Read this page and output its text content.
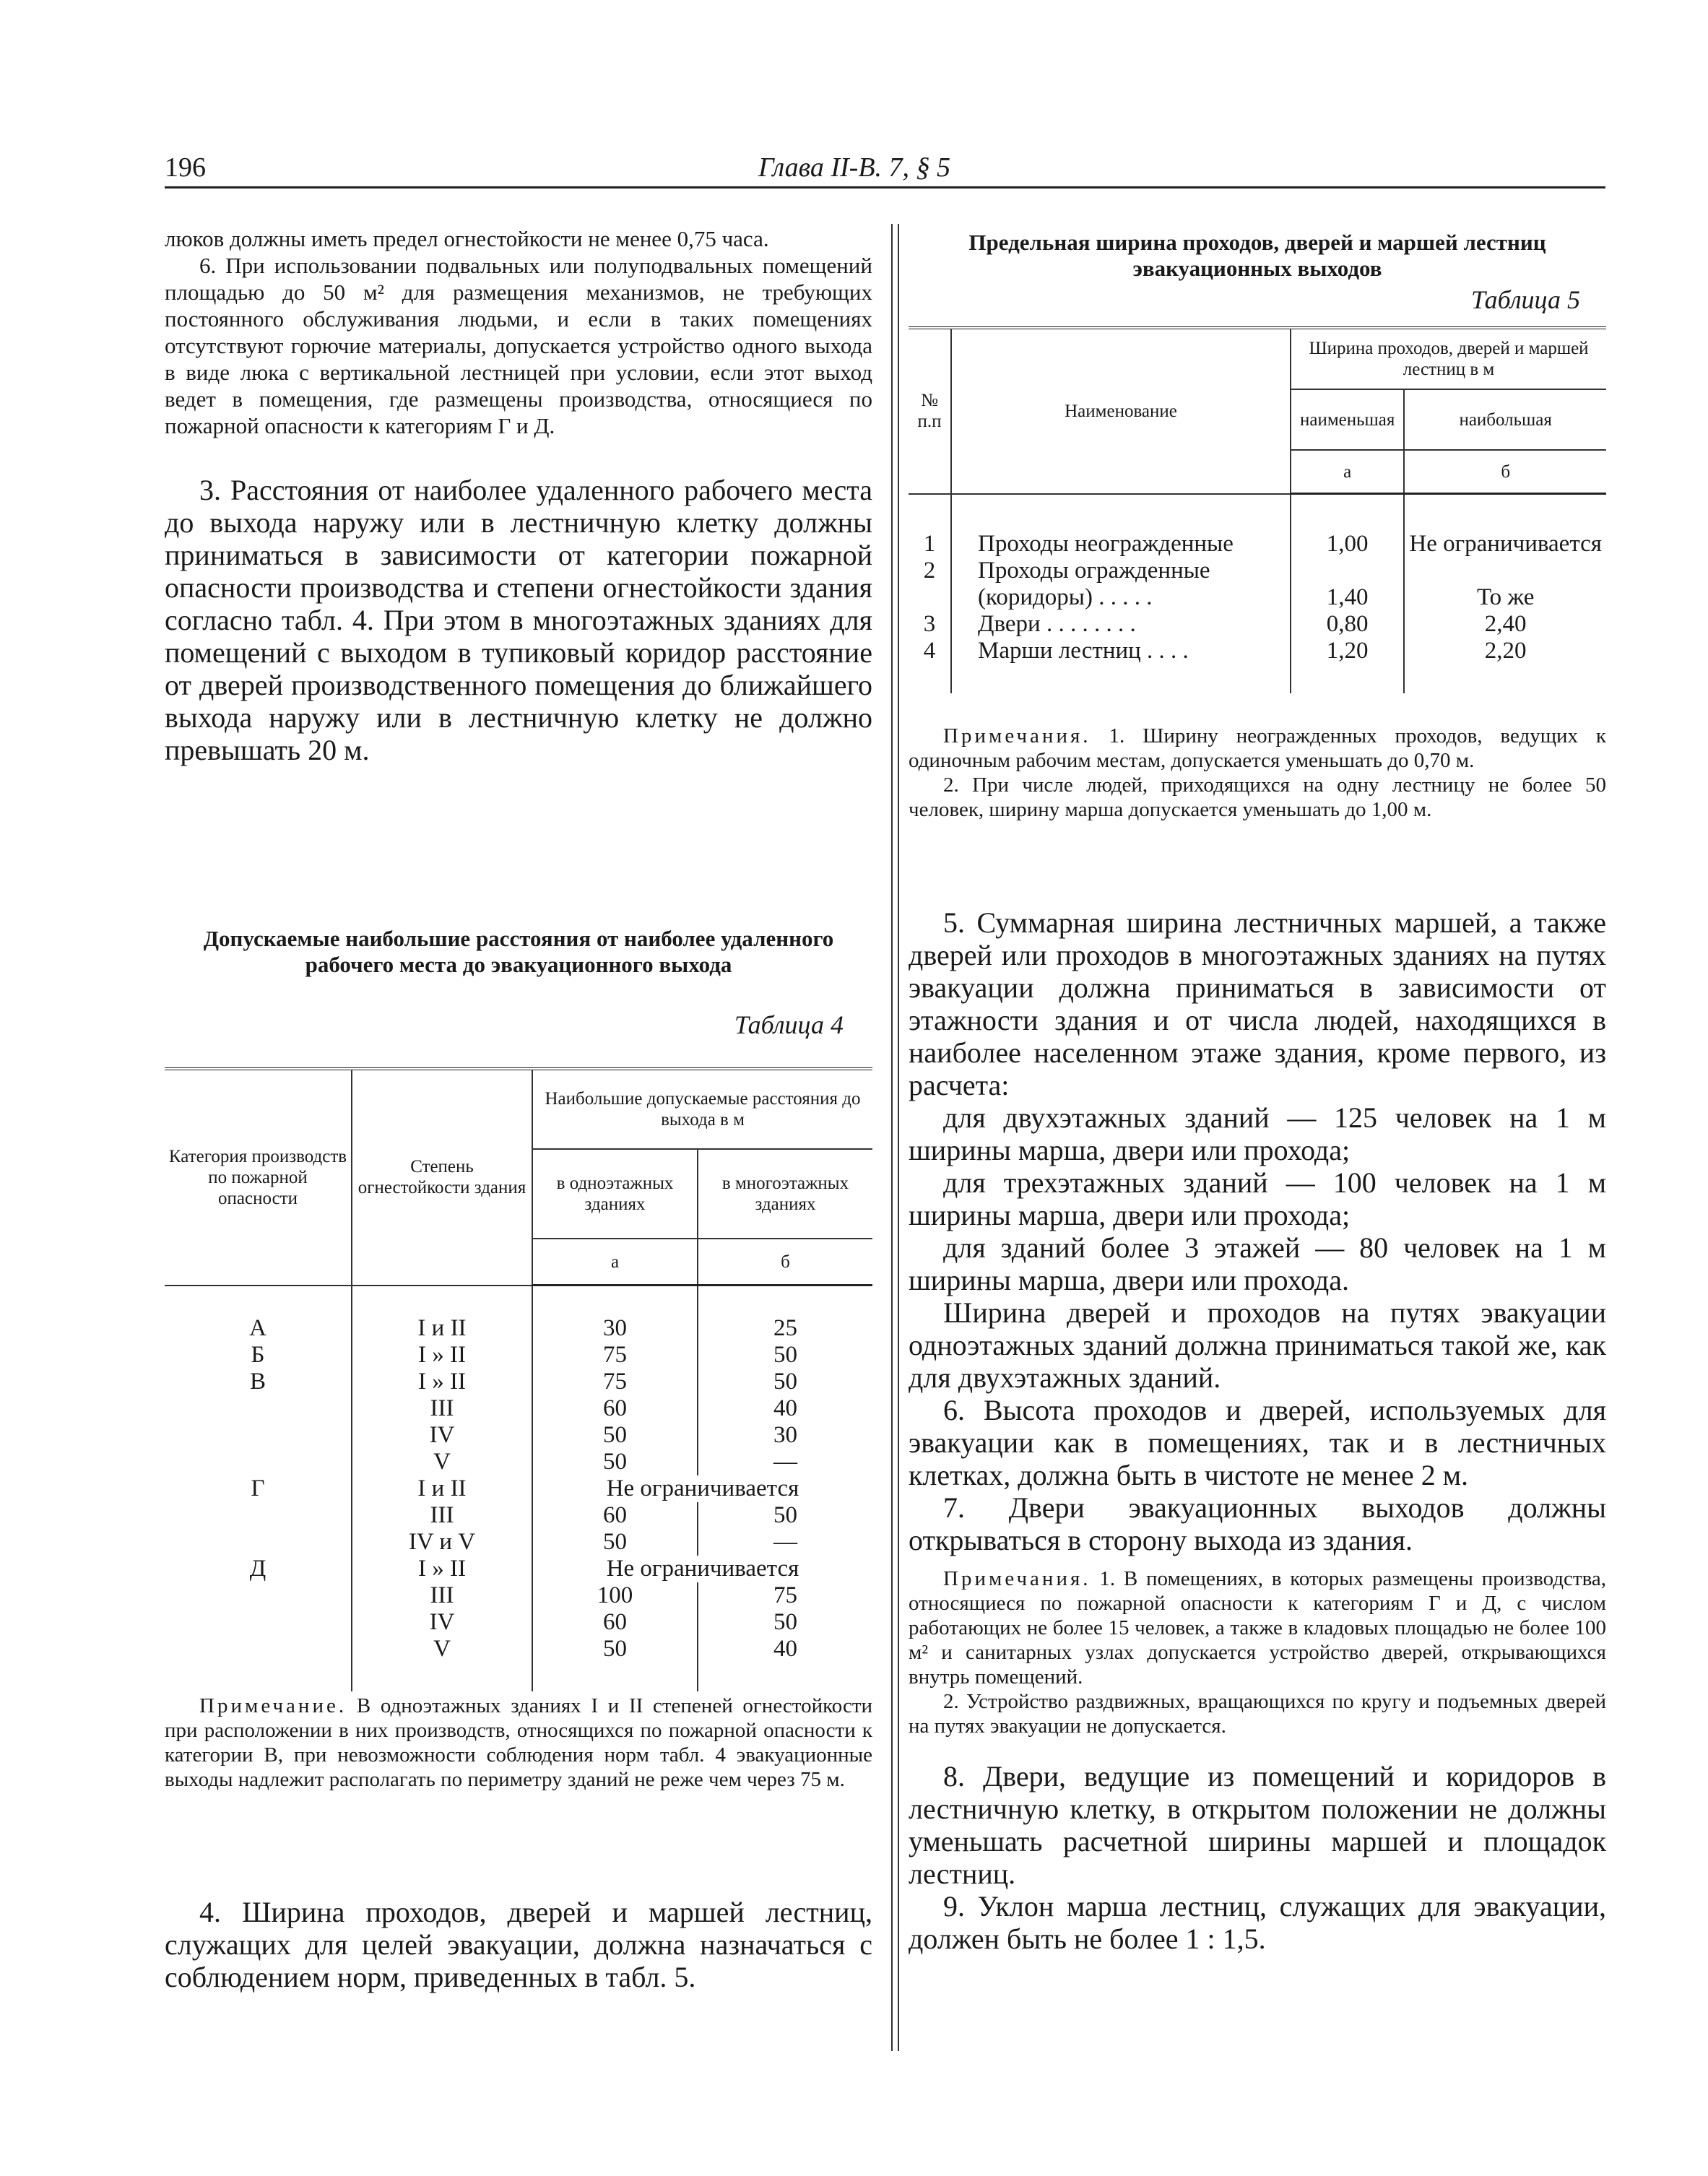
196	Глава II-В. 7, § 5

люков должны иметь предел огнестойкости не менее 0,75 часа.

6. При использовании подвальных или полуподвальных помещений площадью до 50 м² для размещения механизмов, не требующих постоянного обслуживания людьми, и если в таких помещениях отсутствуют горючие материалы, допускается устройство одного выхода в виде люка с вертикальной лестницей при условии, если этот выход ведет в помещения, где размещены производства, относящиеся по пожарной опасности к категориям Г и Д.

3. Расстояния от наиболее удаленного рабочего места до выхода наружу или в лестничную клетку должны приниматься в зависимости от категории пожарной опасности производства и степени огнестойкости здания согласно табл. 4. При этом в многоэтажных зданиях для помещений с выходом в тупиковый коридор расстояние от дверей производственного помещения до ближайшего выхода наружу или в лестничную клетку не должно превышать 20 м.

Допускаемые наибольшие расстояния от наиболее удаленного рабочего места до эвакуационного выхода
Таблица 4
Категория производств по пожарной опасности	Степень огнестойкости здания	Наибольшие допускаемые расстояния до выхода в м	
		в одноэтажных зданиях	в многоэтажных зданиях
		а	б
А	I и II	30	25
Б	I » II	75	50
В	I » II	75	50
	III	60	40
	IV	50	30
	V	50	—
Г	I и II	Не ограничивается	
	III	60	50
	IV и V	50	—
Д	I » II	Не ограничивается	
	III	100	75
	IV	60	50
	V	50	40

Примечание. В одноэтажных зданиях I и II степеней огнестойкости при расположении в них производств, относящихся по пожарной опасности к категории В, при невозможности соблюдения норм табл. 4 эвакуационные выходы надлежит располагать по периметру зданий не реже чем через 75 м.

4. Ширина проходов, дверей и маршей лестниц, служащих для целей эвакуации, должна назначаться с соблюдением норм, приведенных в табл. 5.

Предельная ширина проходов, дверей и маршей лестниц эвакуационных выходов
Таблица 5
№ п.п	Наименование	Ширина проходов, дверей и маршей лестниц в м	
		наименьшая	наибольшая
		а	б
1	Проходы неогражденные	1,00	Не ограничивается
2	Проходы огражденные (коридоры) . . . . .	1,40	То же
3	Двери . . . . . . . .	0,80	2,40
4	Марши лестниц . . . .	1,20	2,20

Примечания. 1. Ширину неогражденных проходов, ведущих к одиночным рабочим местам, допускается уменьшать до 0,70 м.

2. При числе людей, приходящихся на одну лестницу не более 50 человек, ширину марша допускается уменьшать до 1,00 м.

5. Суммарная ширина лестничных маршей, а также дверей или проходов в многоэтажных зданиях на путях эвакуации должна приниматься в зависимости от этажности здания и от числа людей, находящихся в наиболее населенном этаже здания, кроме первого, из расчета:

для двухэтажных зданий — 125 человек на 1 м ширины марша, двери или прохода;

для трехэтажных зданий — 100 человек на 1 м ширины марша, двери или прохода;

для зданий более 3 этажей — 80 человек на 1 м ширины марша, двери или прохода.

Ширина дверей и проходов на путях эвакуации одноэтажных зданий должна приниматься такой же, как для двухэтажных зданий.

6. Высота проходов и дверей, используемых для эвакуации как в помещениях, так и в лестничных клетках, должна быть в чистоте не менее 2 м.

7. Двери эвакуационных выходов должны открываться в сторону выхода из здания.

Примечания. 1. В помещениях, в которых размещены производства, относящиеся по пожарной опасности к категориям Г и Д, с числом работающих не более 15 человек, а также в кладовых площадью не более 100 м² и санитарных узлах допускается устройство дверей, открывающихся внутрь помещений.

2. Устройство раздвижных, вращающихся по кругу и подъемных дверей на путях эвакуации не допускается.

8. Двери, ведущие из помещений и коридоров в лестничную клетку, в открытом положении не должны уменьшать расчетной ширины маршей и площадок лестниц.

9. Уклон марша лестниц, служащих для эвакуации, должен быть не более 1 : 1,5.
